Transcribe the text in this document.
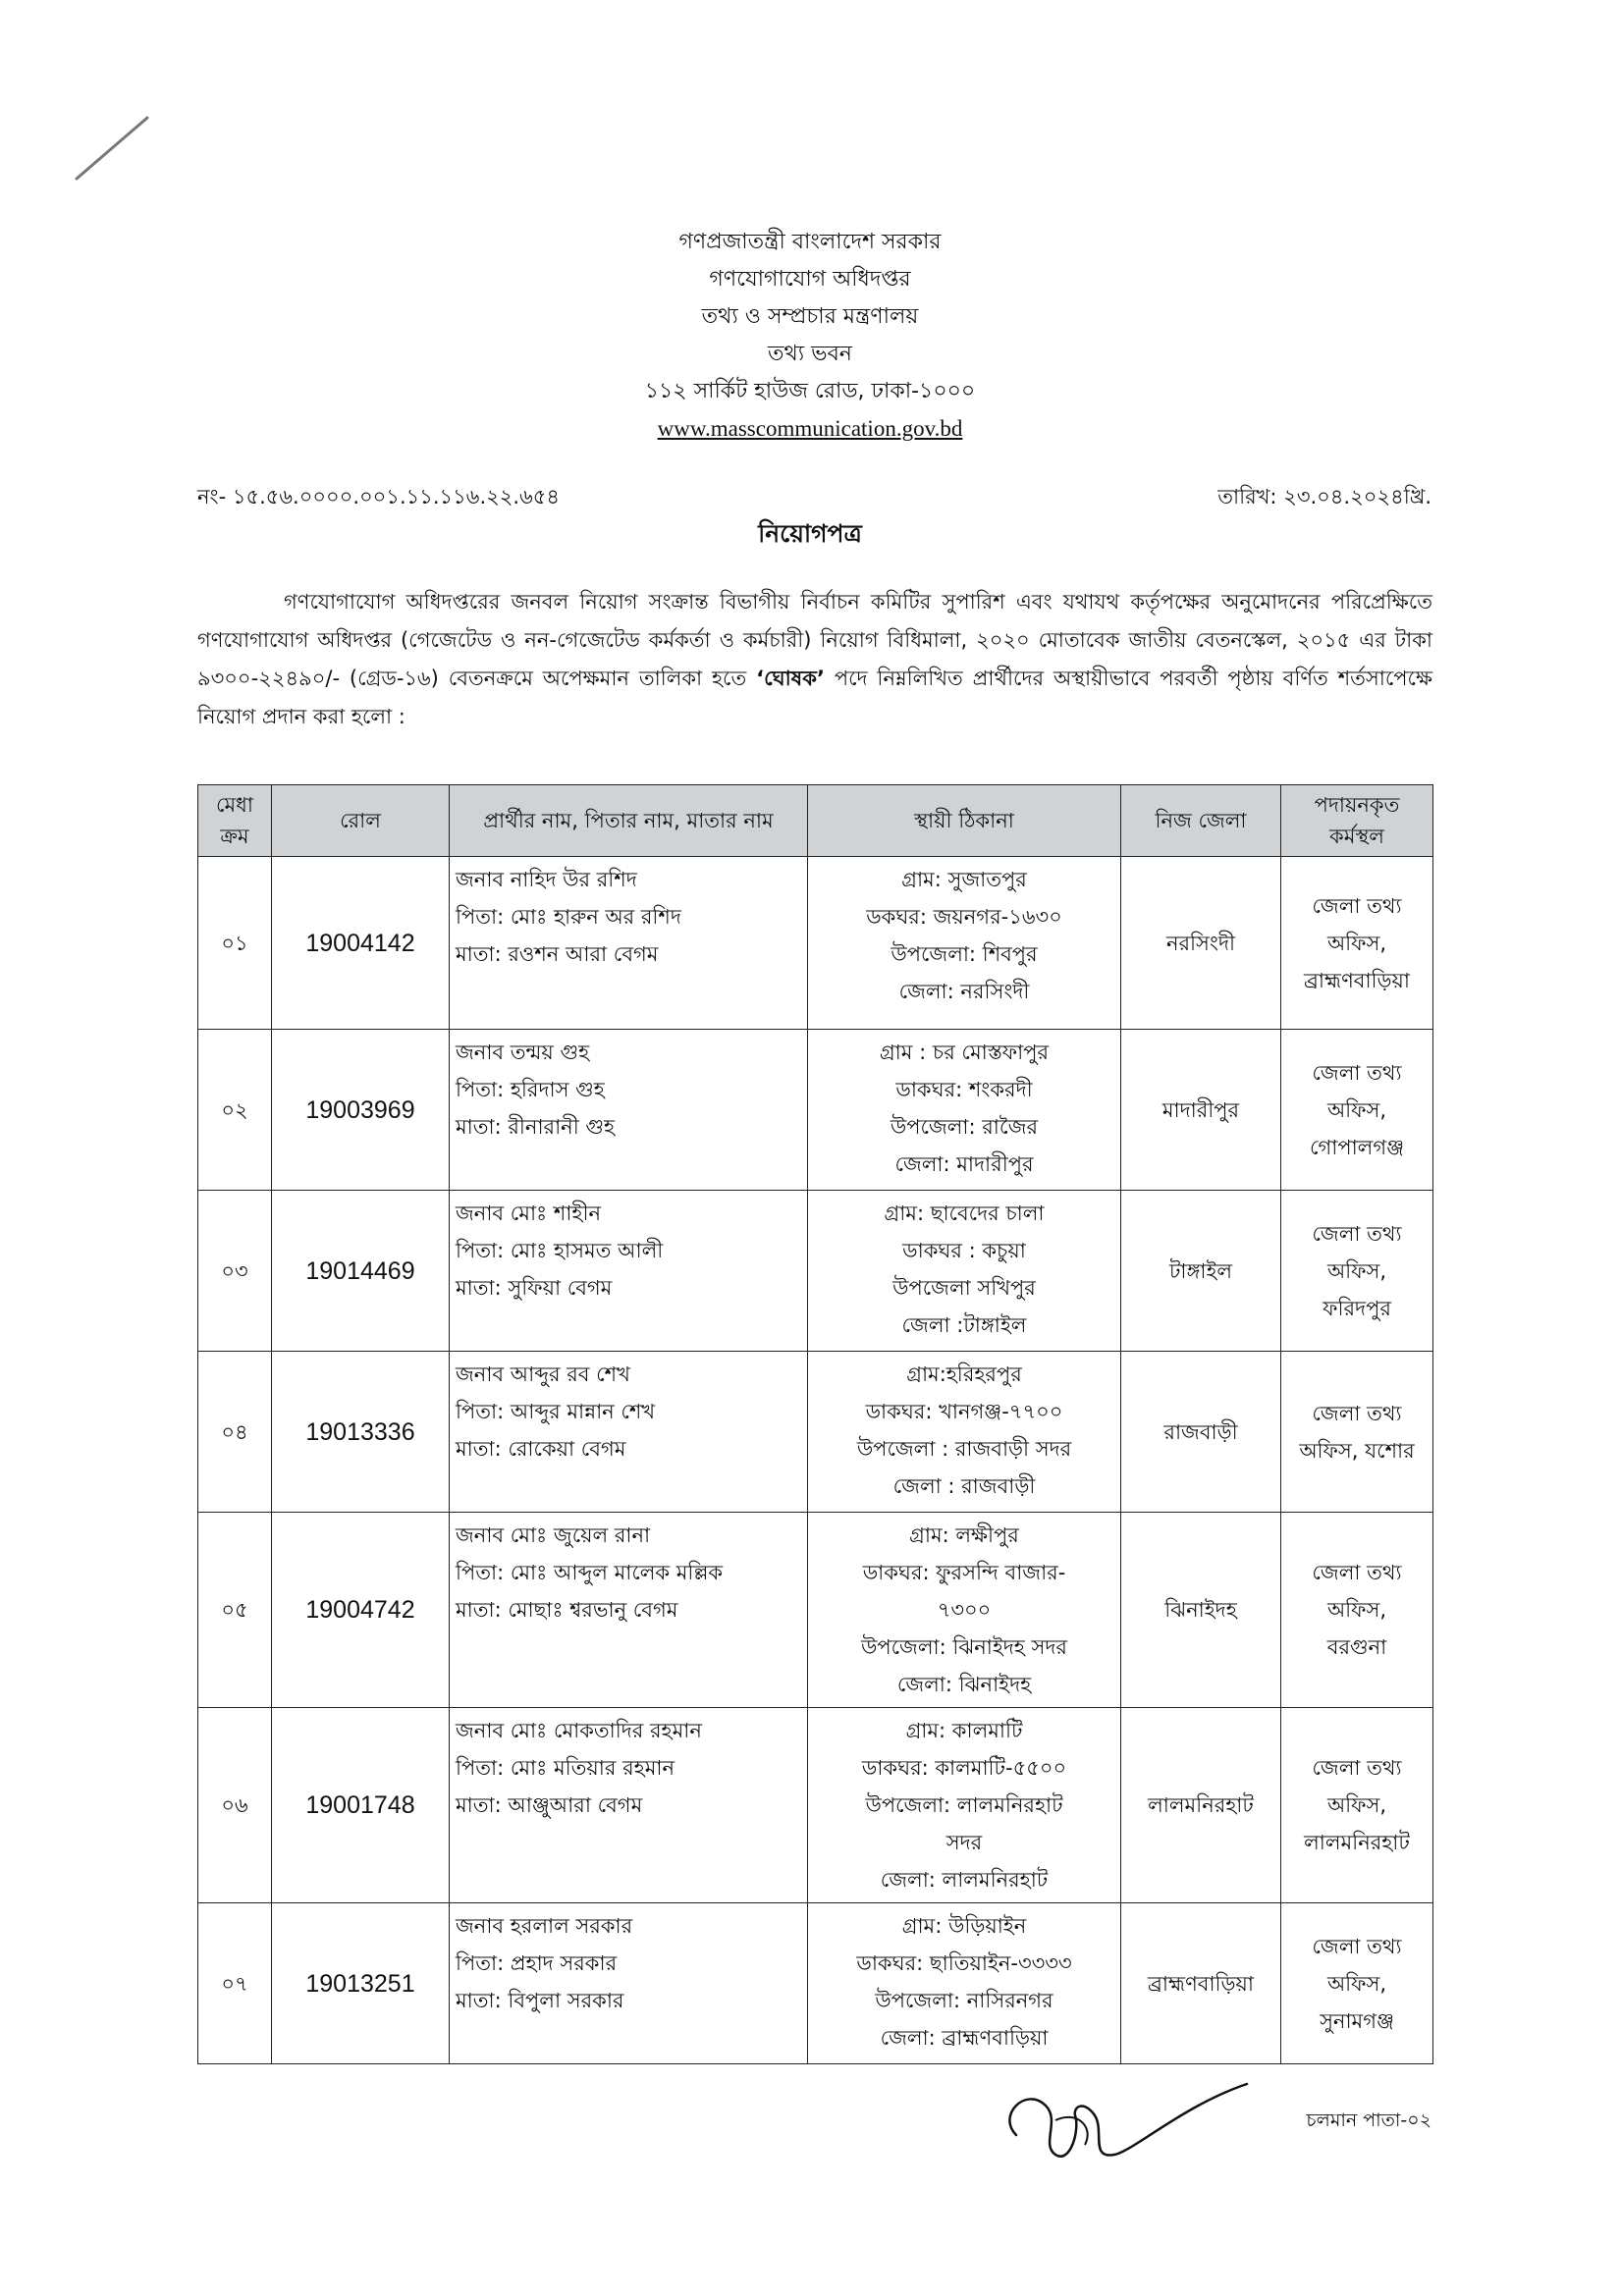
গণপ্রজাতন্ত্রী বাংলাদেশ সরকার
গণযোগাযোগ অধিদপ্তর
তথ্য ও সম্প্রচার মন্ত্রণালয়
তথ্য ভবন
১১২ সার্কিট হাউজ রোড, ঢাকা-১০০০
www.masscommunication.gov.bd
নং- ১৫.৫৬.০০০০.০০১.১১.১১৬.২২.৬৫৪	তারিখ: ২৩.০৪.২০২৪খ্রি.
নিয়োগপত্র
গণযোগাযোগ অধিদপ্তরের জনবল নিয়োগ সংক্রান্ত বিভাগীয় নির্বাচন কমিটির সুপারিশ এবং যথাযথ কর্তৃপক্ষের অনুমোদনের পরিপ্রেক্ষিতে গণযোগাযোগ অধিদপ্তর (গেজেটেড ও নন-গেজেটেড কর্মকর্তা ও কর্মচারী) নিয়োগ বিধিমালা, ২০২০ মোতাবেক জাতীয় বেতনস্কেল, ২০১৫ এর টাকা ৯৩০০-২২৪৯০/- (গ্রেড-১৬) বেতনক্রমে অপেক্ষমান তালিকা হতে ‘ঘোষক’ পদে নিম্নলিখিত প্রার্থীদের অস্থায়ীভাবে পরবর্তী পৃষ্ঠায় বর্ণিত শর্তসাপেক্ষে নিয়োগ প্রদান করা হলো :
মেধা ক্রম	রোল	প্রার্থীর নাম, পিতার নাম, মাতার নাম	স্থায়ী ঠিকানা	নিজ জেলা	পদায়নকৃত কর্মস্থল
০১	19004142	জনাব নাহিদ উর রশিদ
পিতা: মোঃ হারুন অর রশিদ
মাতা: রওশন আরা বেগম	গ্রাম: সুজাতপুর
ডকঘর: জয়নগর-১৬৩০
উপজেলা: শিবপুর
জেলা: নরসিংদী	নরসিংদী	জেলা তথ্য
অফিস,
ব্রাহ্মণবাড়িয়া

০২	19003969	জনাব তন্ময় গুহ
পিতা: হরিদাস গুহ
মাতা: রীনারানী গুহ	গ্রাম : চর মোস্তফাপুর
ডাকঘর: শংকরদী
উপজেলা: রাজৈর
জেলা: মাদারীপুর	মাদারীপুর	জেলা তথ্য
অফিস,
গোপালগঞ্জ

০৩	19014469	জনাব মোঃ শাহীন
পিতা: মোঃ হাসমত আলী
মাতা: সুফিয়া বেগম	গ্রাম: ছাবেদের চালা
ডাকঘর : কচুয়া
উপজেলা সখিপুর
জেলা :টাঙ্গাইল	টাঙ্গাইল	জেলা তথ্য
অফিস,
ফরিদপুর

০৪	19013336	জনাব আব্দুর রব শেখ
পিতা: আব্দুর মান্নান শেখ
মাতা: রোকেয়া বেগম	গ্রাম:হরিহরপুর
ডাকঘর: খানগঞ্জ-৭৭০০
উপজেলা : রাজবাড়ী সদর
জেলা : রাজবাড়ী	রাজবাড়ী	জেলা তথ্য
অফিস, যশোর

০৫	19004742	জনাব মোঃ জুয়েল রানা
পিতা: মোঃ আব্দুল মালেক মল্লিক
মাতা: মোছাঃ শ্বরভানু বেগম	গ্রাম: লক্ষীপুর
ডাকঘর: ফুরসন্দি বাজার-
৭৩০০
উপজেলা: ঝিনাইদহ সদর
জেলা: ঝিনাইদহ	ঝিনাইদহ	জেলা তথ্য
অফিস,
বরগুনা

০৬	19001748	জনাব মোঃ মোকতাদির রহমান
পিতা: মোঃ মতিয়ার রহমান
মাতা: আঞ্জুআরা বেগম	গ্রাম: কালমাটি
ডাকঘর: কালমাটি-৫৫০০
উপজেলা: লালমনিরহাট
সদর
জেলা: লালমনিরহাট	লালমনিরহাট	জেলা তথ্য
অফিস,
লালমনিরহাট

০৭	19013251	জনাব হরলাল সরকার
পিতা: প্রহাদ সরকার
মাতা: বিপুলা সরকার	গ্রাম: উড়িয়াইন
ডাকঘর: ছাতিয়াইন-৩৩৩৩
উপজেলা: নাসিরনগর
জেলা: ব্রাহ্মণবাড়িয়া	ব্রাহ্মণবাড়িয়া	জেলা তথ্য
অফিস,
সুনামগঞ্জ
চলমান পাতা-০২
